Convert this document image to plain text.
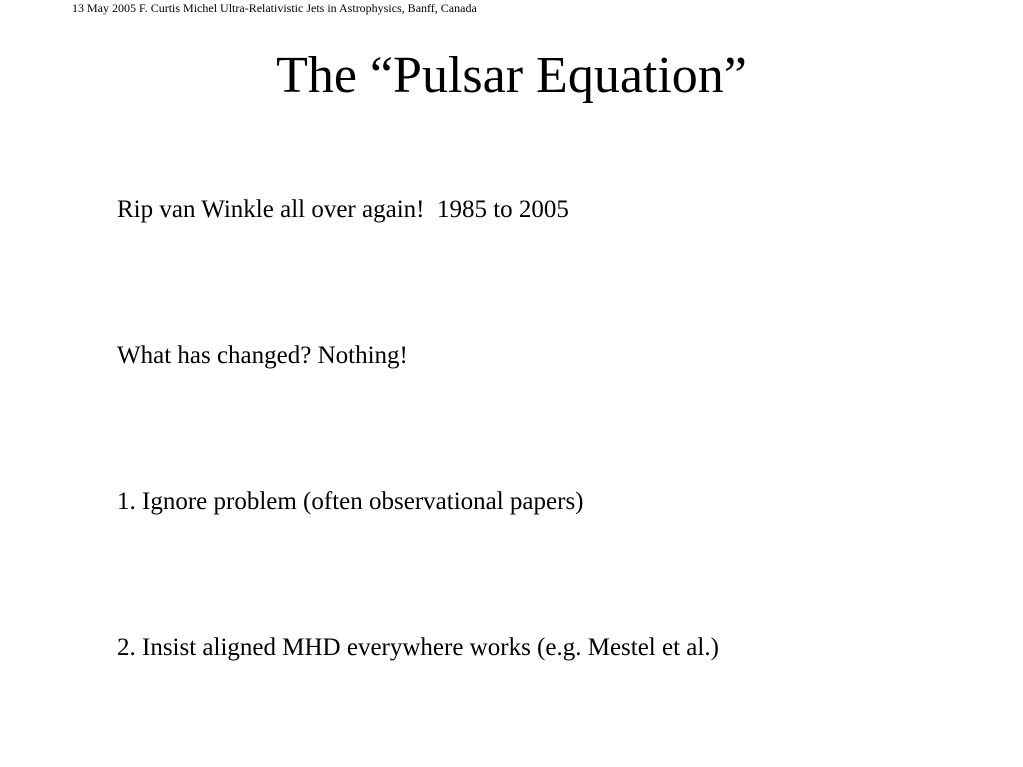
13 May 2005 F. Curtis Michel Ultra-Relativistic Jets in Astrophysics, Banff, Canada
The “Pulsar Equation”
Rip van Winkle all over again!  1985 to 2005
What has changed? Nothing!
1. Ignore problem (often observational papers)
2. Insist aligned MHD everywhere works (e.g. Mestel et al.)
